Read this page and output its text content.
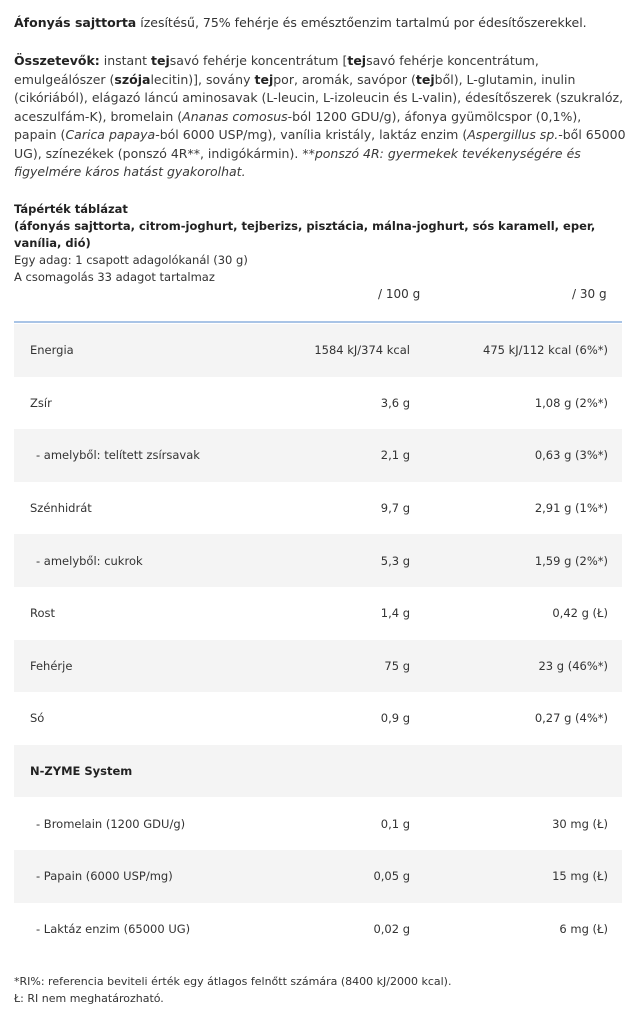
Áfonyás sajttorta ízesítésű, 75% fehérje és emésztőenzim tartalmú por édesítőszerekkel.
Összetevők: instant tejsavó fehérje koncentrátum [tejsavó fehérje koncentrátum, emulgeálószer (szójalecitin)], sovány tejpor, aromák, savópor (tejből), L-glutamin, inulin (cikóriából), elágazó láncú aminosavak (L-leucin, L-izoleucin és L-valin), édesítőszerek (szukralóz, aceszulfám-K), bromelain (Ananas comosus-ból 1200 GDU/g), áfonya gyümölcspor (0,1%), papain (Carica papaya-ból 6000 USP/mg), vanília kristály, laktáz enzim (Aspergillus sp.-ből 65000 UG), színezékek (ponszó 4R**, indigókármin). **ponszó 4R: gyermekek tevékenységére és figyelmére káros hatást gyakorolhat.
Tápérték táblázat
(áfonyás sajttorta, citrom-joghurt, tejberizs, pisztácia, málna-joghurt, sós karamell, eper, vanília, dió)
Egy adag: 1 csapott adagolókanál (30 g)
A csomagolás 33 adagot tartalmaz
/ 100 g	/ 30 g
Energia	1584 kJ/374 kcal	475 kJ/112 kcal (6%*)
Zsír	3,6 g	1,08 g (2%*)
- amelyből: telített zsírsavak	2,1 g	0,63 g (3%*)
Szénhidrát	9,7 g	2,91 g (1%*)
- amelyből: cukrok	5,3 g	1,59 g (2%*)
Rost	1,4 g	0,42 g (Ł)
Fehérje	75 g	23 g (46%*)
Só	0,9 g	0,27 g (4%*)
N-ZYME System		
- Bromelain (1200 GDU/g)	0,1 g	30 mg (Ł)
- Papain (6000 USP/mg)	0,05 g	15 mg (Ł)
- Laktáz enzim (65000 UG)	0,02 g	6 mg (Ł)
*RI%: referencia beviteli érték egy átlagos felnőtt számára (8400 kJ/2000 kcal).
Ł: RI nem meghatározható.
